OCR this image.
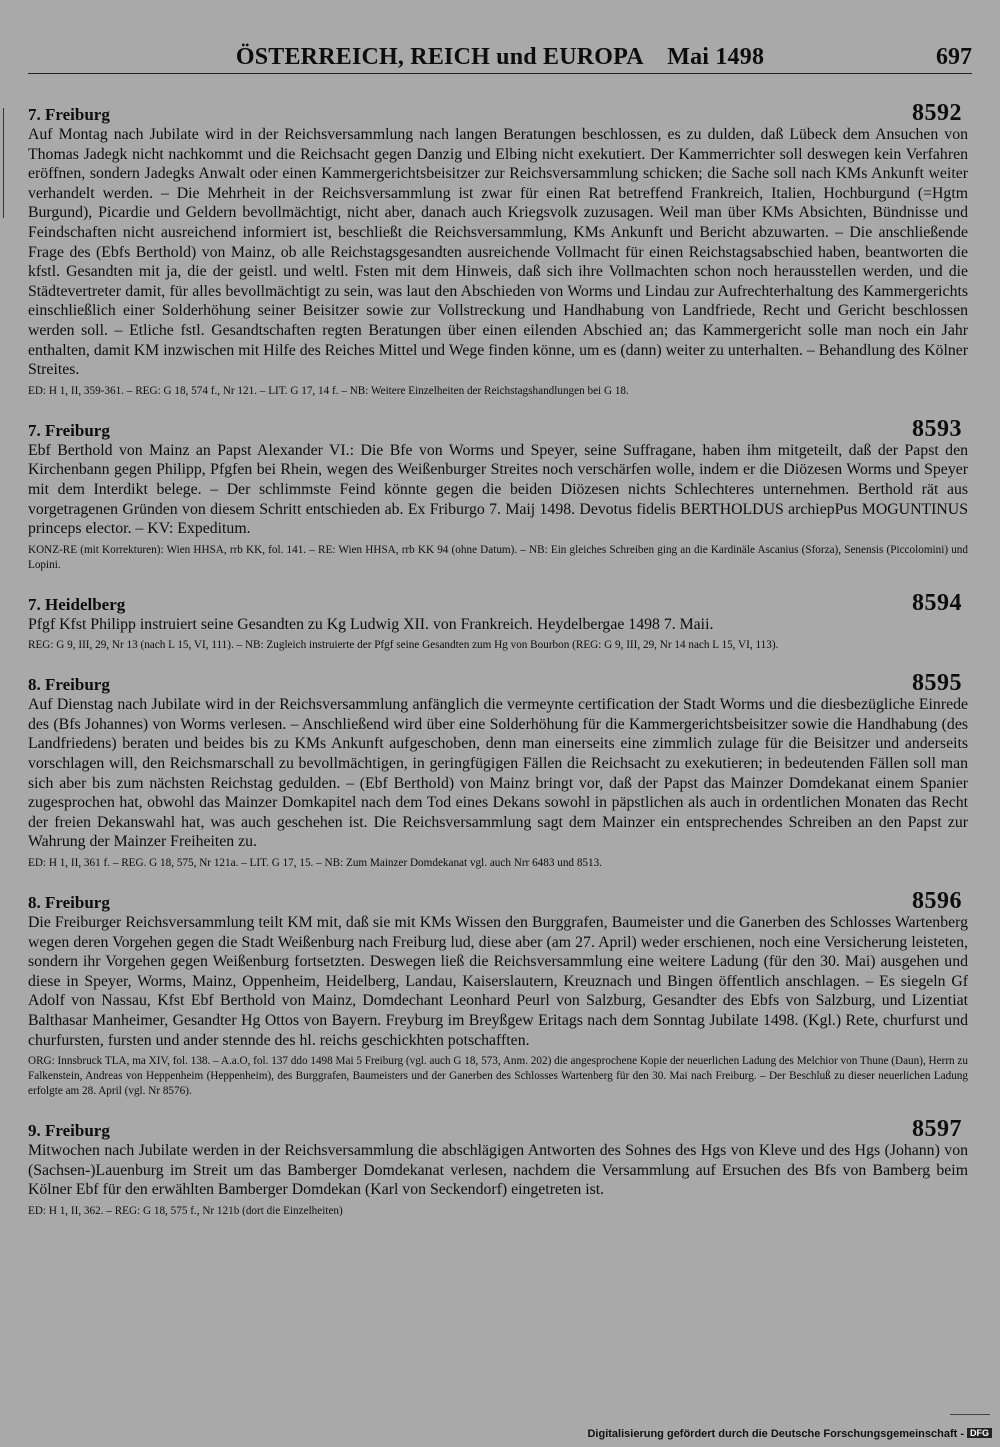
ÖSTERREICH, REICH und EUROPA    Mai 1498	697
7. Freiburg	8592

Auf Montag nach Jubilate wird in der Reichsversammlung nach langen Beratungen beschlossen, es zu dulden, daß Lübeck dem Ansuchen von Thomas Jadegk nicht nachkommt und die Reichsacht gegen Danzig und Elbing nicht exekutiert. Der Kammerrichter soll deswegen kein Verfahren eröffnen, sondern Jadegks Anwalt oder einen Kammergerichtsbeisitzer zur Reichsversammlung schicken; die Sache soll nach KMs Ankunft weiter verhandelt werden. – Die Mehrheit in der Reichsversammlung ist zwar für einen Rat betreffend Frankreich, Italien, Hochburgund (=Hgtm Burgund), Picardie und Geldern bevollmächtigt, nicht aber, danach auch Kriegsvolk zuzusagen. Weil man über KMs Absichten, Bündnisse und Feindschaften nicht ausreichend informiert ist, beschließt die Reichsversammlung, KMs Ankunft und Bericht abzuwarten. – Die anschließende Frage des (Ebfs Berthold) von Mainz, ob alle Reichstagsgesandten ausreichende Vollmacht für einen Reichstagsabschied haben, beantworten die kfstl. Gesandten mit ja, die der geistl. und weltl. Fsten mit dem Hinweis, daß sich ihre Vollmachten schon noch herausstellen werden, und die Städtevertreter damit, für alles bevollmächtigt zu sein, was laut den Abschieden von Worms und Lindau zur Aufrechterhaltung des Kammergerichts einschließlich einer Solderhöhung seiner Beisitzer sowie zur Vollstreckung und Handhabung von Landfriede, Recht und Gericht beschlossen werden soll. – Etliche fstl. Gesandtschaften regten Beratungen über einen eilenden Abschied an; das Kammergericht solle man noch ein Jahr enthalten, damit KM inzwischen mit Hilfe des Reiches Mittel und Wege finden könne, um es (dann) weiter zu unterhalten. – Behandlung des Kölner Streites.

ED: H 1, II, 359-361. – REG: G 18, 574 f., Nr 121. – LIT. G 17, 14 f. – NB: Weitere Einzelheiten der Reichstagshandlungen bei G 18.

7. Freiburg	8593

Ebf Berthold von Mainz an Papst Alexander VI.: Die Bfe von Worms und Speyer, seine Suffragane, haben ihm mitgeteilt, daß der Papst den Kirchenbann gegen Philipp, Pfgfen bei Rhein, wegen des Weißenburger Streites noch verschärfen wolle, indem er die Diözesen Worms und Speyer mit dem Interdikt belege. – Der schlimmste Feind könnte gegen die beiden Diözesen nichts Schlechteres unternehmen. Berthold rät aus vorgetragenen Gründen von diesem Schritt entschieden ab. Ex Friburgo 7. Maij 1498. Devotus fidelis BERTHOLDUS archiepPus MOGUNTINUS princeps elector. – KV: Expeditum.

KONZ-RE (mit Korrekturen): Wien HHSA, rrb KK, fol. 141. – RE: Wien HHSA, rrb KK 94 (ohne Datum). – NB: Ein gleiches Schreiben ging an die Kardinäle Ascanius (Sforza), Senensis (Piccolomini) und Lopini.

7. Heidelberg	8594

Pfgf Kfst Philipp instruiert seine Gesandten zu Kg Ludwig XII. von Frankreich. Heydelbergae 1498 7. Maii.

REG: G 9, III, 29, Nr 13 (nach L 15, VI, 111). – NB: Zugleich instruierte der Pfgf seine Gesandten zum Hg von Bourbon (REG: G 9, III, 29, Nr 14 nach L 15, VI, 113).

8. Freiburg	8595

Auf Dienstag nach Jubilate wird in der Reichsversammlung anfänglich die vermeynte certification der Stadt Worms und die diesbezügliche Einrede des (Bfs Johannes) von Worms verlesen. – Anschließend wird über eine Solderhöhung für die Kammergerichtsbeisitzer sowie die Handhabung (des Landfriedens) beraten und beides bis zu KMs Ankunft aufgeschoben, denn man einerseits eine zimmlich zulage für die Beisitzer und anderseits vorschlagen will, den Reichsmarschall zu bevollmächtigen, in geringfügigen Fällen die Reichsacht zu exekutieren; in bedeutenden Fällen soll man sich aber bis zum nächsten Reichstag gedulden. – (Ebf Berthold) von Mainz bringt vor, daß der Papst das Mainzer Domdekanat einem Spanier zugesprochen hat, obwohl das Mainzer Domkapitel nach dem Tod eines Dekans sowohl in päpstlichen als auch in ordentlichen Monaten das Recht der freien Dekanswahl hat, was auch geschehen ist. Die Reichsversammlung sagt dem Mainzer ein entsprechendes Schreiben an den Papst zur Wahrung der Mainzer Freiheiten zu.

ED: H 1, II, 361 f. – REG. G 18, 575, Nr 121a. – LIT. G 17, 15. – NB: Zum Mainzer Domdekanat vgl. auch Nrr 6483 und 8513.

8. Freiburg	8596

Die Freiburger Reichsversammlung teilt KM mit, daß sie mit KMs Wissen den Burggrafen, Baumeister und die Ganerben des Schlosses Wartenberg wegen deren Vorgehen gegen die Stadt Weißenburg nach Freiburg lud, diese aber (am 27. April) weder erschienen, noch eine Versicherung leisteten, sondern ihr Vorgehen gegen Weißenburg fortsetzten. Deswegen ließ die Reichsversammlung eine weitere Ladung (für den 30. Mai) ausgehen und diese in Speyer, Worms, Mainz, Oppenheim, Heidelberg, Landau, Kaiserslautern, Kreuznach und Bingen öffentlich anschlagen. – Es siegeln Gf Adolf von Nassau, Kfst Ebf Berthold von Mainz, Domdechant Leonhard Peurl von Salzburg, Gesandter des Ebfs von Salzburg, und Lizentiat Balthasar Manheimer, Gesandter Hg Ottos von Bayern. Freyburg im Breyßgew Eritags nach dem Sonntag Jubilate 1498. (Kgl.) Rete, churfurst und churfursten, fursten und ander stennde des hl. reichs geschickhten potschafften.

ORG: Innsbruck TLA, ma XIV, fol. 138. – A.a.O, fol. 137 ddo 1498 Mai 5 Freiburg (vgl. auch G 18, 573, Anm. 202) die angesprochene Kopie der neuerlichen Ladung des Melchior von Thune (Daun), Herrn zu Falkenstein, Andreas von Heppenheim (Heppenheim), des Burggrafen, Baumeisters und der Ganerben des Schlosses Wartenberg für den 30. Mai nach Freiburg. – Der Beschluß zu dieser neuerlichen Ladung erfolgte am 28. April (vgl. Nr 8576).

9. Freiburg	8597

Mitwochen nach Jubilate werden in der Reichsversammlung die abschlägigen Antworten des Sohnes des Hgs von Kleve und des Hgs (Johann) von (Sachsen-)Lauenburg im Streit um das Bamberger Domdekanat verlesen, nachdem die Versammlung auf Ersuchen des Bfs von Bamberg beim Kölner Ebf für den erwählten Bamberger Domdekan (Karl von Seckendorf) eingetreten ist.

ED: H 1, II, 362. – REG: G 18, 575 f., Nr 121b (dort die Einzelheiten)

Digitalisierung gefördert durch die Deutsche Forschungsgemeinschaft - DFG
